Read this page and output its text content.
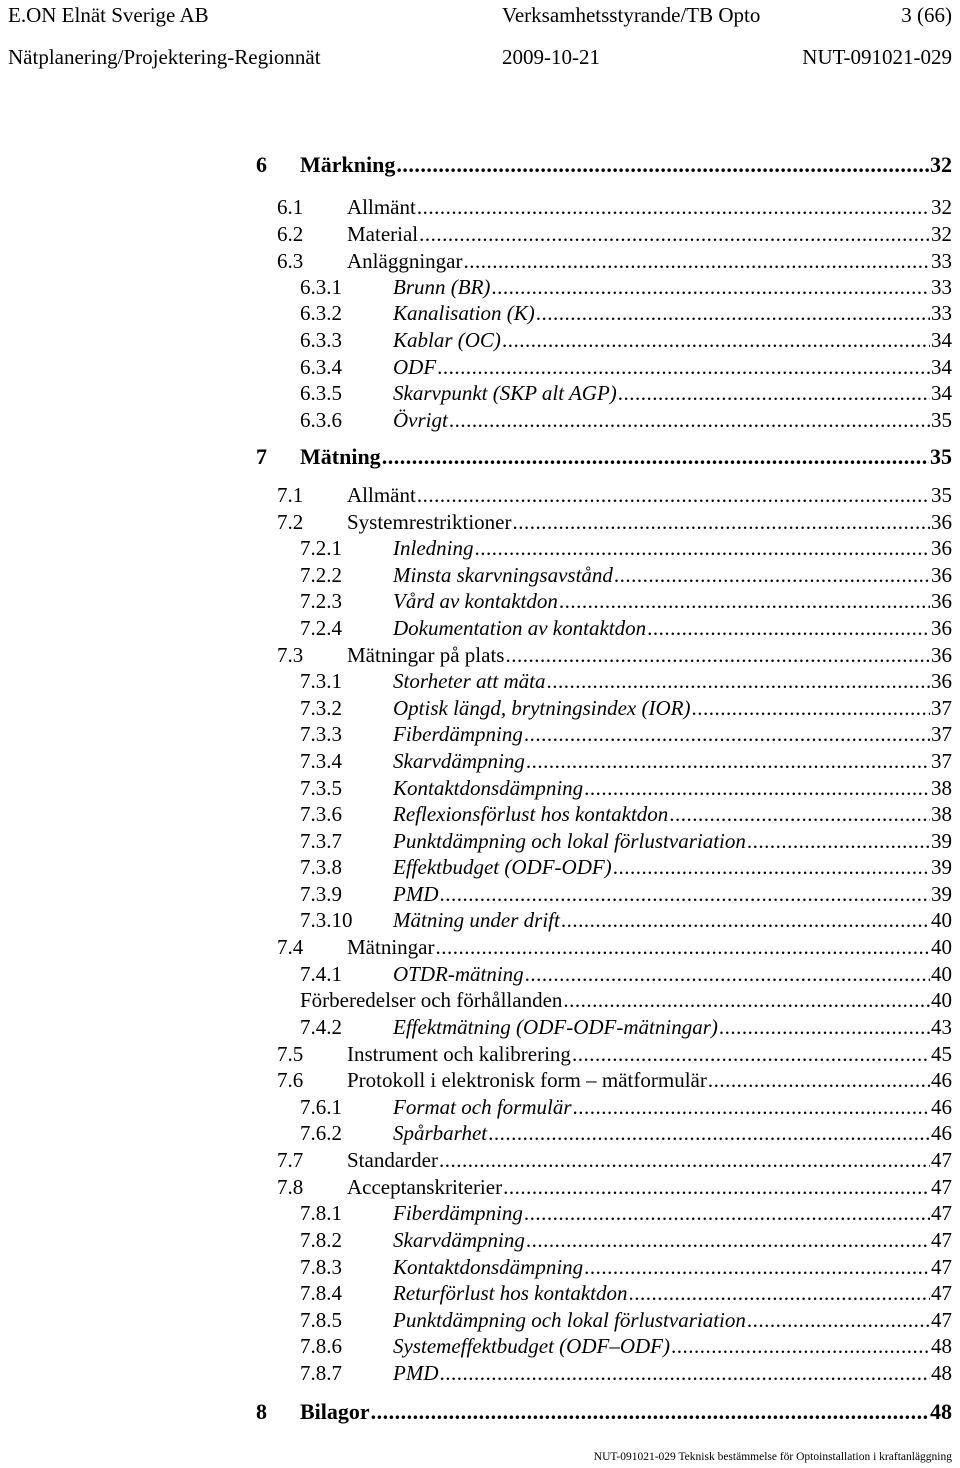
E.ON Elnät Sverige AB	Verksamhetsstyrande/TB Opto	3 (66)
Nätplanering/Projektering-Regionnät	2009-10-21	NUT-091021-029
6	Märkning .....	32
6.1	Allmänt .....	32
6.2	Material .....	32
6.3	Anläggningar .....	33
6.3.1	Brunn (BR) .....	33
6.3.2	Kanalisation (K) .....	33
6.3.3	Kablar (OC) .....	34
6.3.4	ODF .....	34
6.3.5	Skarvpunkt (SKP alt AGP) .....	34
6.3.6	Övrigt .....	35
7	Mätning .....	35
7.1	Allmänt .....	35
7.2	Systemrestriktioner .....	36
7.2.1	Inledning .....	36
7.2.2	Minsta skarvningsavstånd .....	36
7.2.3	Vård av kontaktdon .....	36
7.2.4	Dokumentation av kontaktdon .....	36
7.3	Mätningar på plats .....	36
7.3.1	Storheter att mäta .....	36
7.3.2	Optisk längd, brytningsindex (IOR) .....	37
7.3.3	Fiberdämpning .....	37
7.3.4	Skarvdämpning .....	37
7.3.5	Kontaktdonsdämpning .....	38
7.3.6	Reflexionsförlust hos kontaktdon .....	38
7.3.7	Punktdämpning och lokal förlustvariation .....	39
7.3.8	Effektbudget (ODF-ODF) .....	39
7.3.9	PMD .....	39
7.3.10	Mätning under drift .....	40
7.4	Mätningar .....	40
7.4.1	OTDR-mätning .....	40
Förberedelser och förhållanden .....	40
7.4.2	Effektmätning (ODF-ODF-mätningar) .....	43
7.5	Instrument och kalibrering .....	45
7.6	Protokoll i elektronisk form – mätformulär .....	46
7.6.1	Format och formulär .....	46
7.6.2	Spårbarhet .....	46
7.7	Standarder .....	47
7.8	Acceptanskriterier .....	47
7.8.1	Fiberdämpning .....	47
7.8.2	Skarvdämpning .....	47
7.8.3	Kontaktdonsdämpning .....	47
7.8.4	Returförlust hos kontaktdon .....	47
7.8.5	Punktdämpning och lokal förlustvariation .....	47
7.8.6	Systemeffektbudget (ODF–ODF) .....	48
7.8.7	PMD .....	48
8	Bilagor .....	48
NUT-091021-029 Teknisk bestämmelse för Optoinstallation i kraftanläggning
